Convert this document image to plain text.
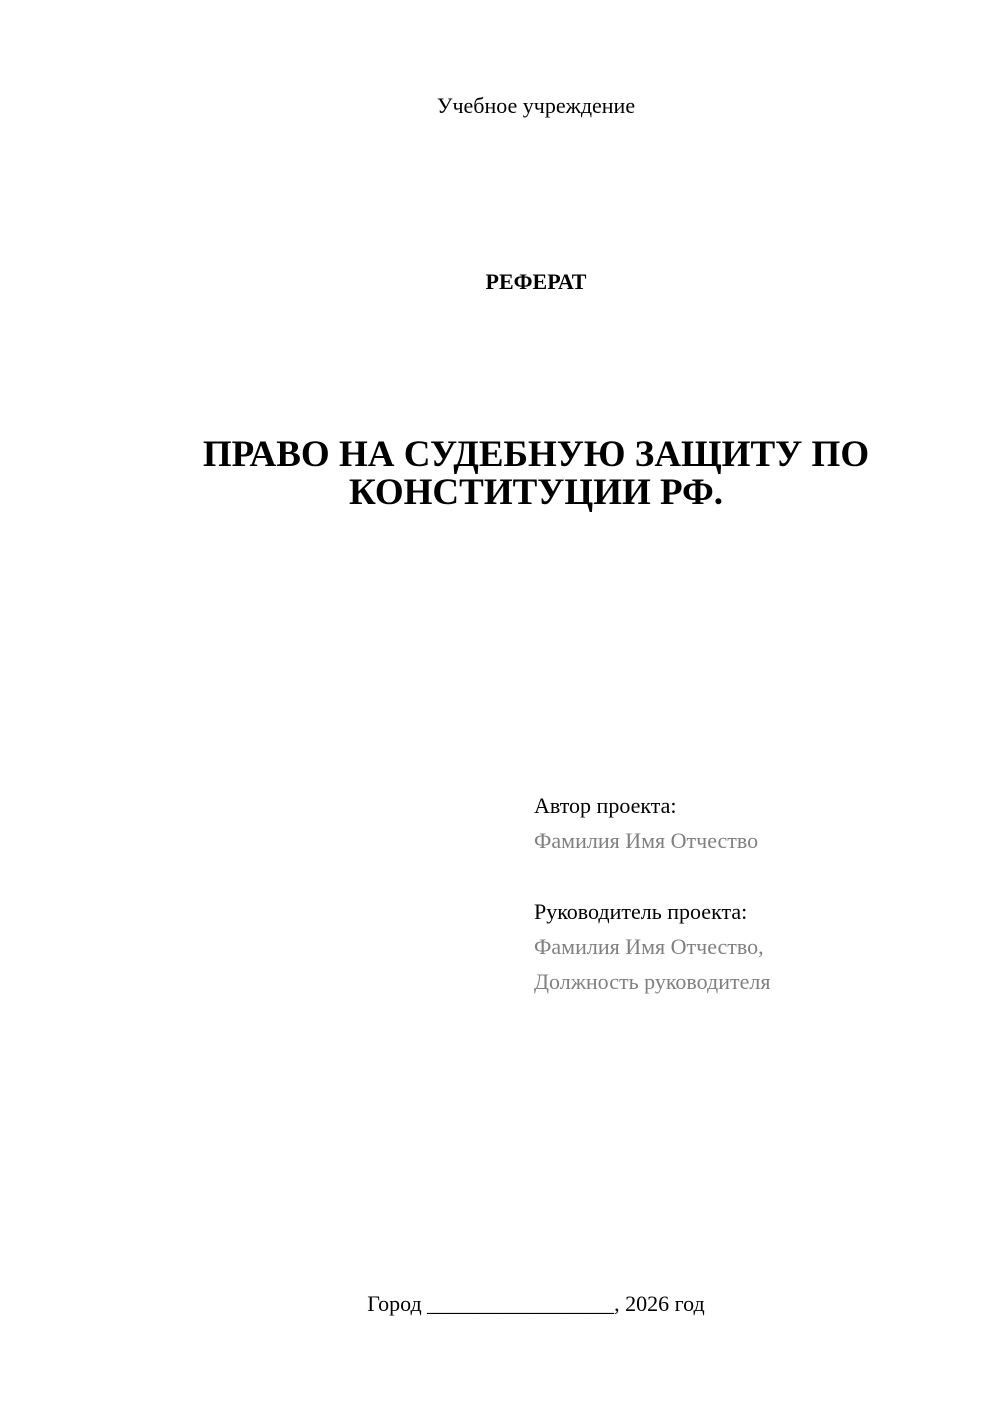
Учебное учреждение
РЕФЕРАТ
ПРАВО НА СУДЕБНУЮ ЗАЩИТУ ПО
КОНСТИТУЦИИ РФ.
Автор проекта:
Фамилия Имя Отчество
Руководитель проекта:
Фамилия Имя Отчество,
Должность руководителя
Город _________________, 2026 год
